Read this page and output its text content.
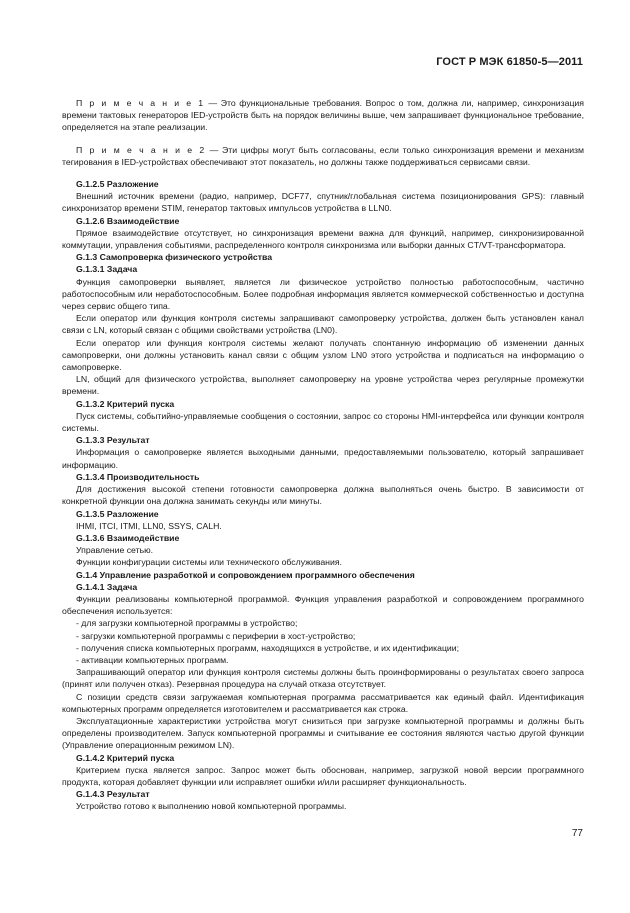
ГОСТ Р МЭК 61850-5—2011

П р и м е ч а н и е 1 — Это функциональные требования. Вопрос о том, должна ли, например, синхронизация времени тактовых генераторов IED-устройств быть на порядок величины выше, чем запрашивает функциональное требование, определяется на этапе реализации.

П р и м е ч а н и е 2 — Эти цифры могут быть согласованы, если только синхронизация времени и механизм тегирования в IED-устройствах обеспечивают этот показатель, но должны также поддерживаться сервисами связи.

G.1.2.5 Разложение

Внешний источник времени (радио, например, DCF77, спутник/глобальная система позиционирования GPS): главный синхронизатор времени STIM, генератор тактовых импульсов устройства в LLN0.

G.1.2.6 Взаимодействие

Прямое взаимодействие отсутствует, но синхронизация времени важна для функций, например, синхронизированной коммутации, управления событиями, распределенного контроля синхронизма или выборки данных CT/VT-трансформатора.

G.1.3 Самопроверка физического устройства
G.1.3.1 Задача

Функция самопроверки выявляет, является ли физическое устройство полностью работоспособным, частично работоспособным или неработоспособным. Более подробная информация является коммерческой собственностью и доступна через сервис общего типа.

Если оператор или функция контроля системы запрашивают самопроверку устройства, должен быть установлен канал связи с LN, который связан с общими свойствами устройства (LN0).

Если оператор или функция контроля системы желают получать спонтанную информацию об изменении данных самопроверки, они должны установить канал связи с общим узлом LN0 этого устройства и подписаться на информацию о самопроверке.

LN, общий для физического устройства, выполняет самопроверку на уровне устройства через регулярные промежутки времени.

G.1.3.2 Критерий пуска

Пуск системы, событийно-управляемые сообщения о состоянии, запрос со стороны HMI-интерфейса или функции контроля системы.

G.1.3.3 Результат

Информация о самопроверке является выходными данными, предоставляемыми пользователю, который запрашивает информацию.

G.1.3.4 Производительность

Для достижения высокой степени готовности самопроверка должна выполняться очень быстро. В зависимости от конкретной функции она должна занимать секунды или минуты.

G.1.3.5 Разложение

IHMI, ITCI, ITMI, LLN0, SSYS, CALH.

G.1.3.6 Взаимодействие

Управление сетью.

Функции конфигурации системы или технического обслуживания.

G.1.4 Управление разработкой и сопровождением программного обеспечения
G.1.4.1 Задача

Функции реализованы компьютерной программой. Функция управления разработкой и сопровождением программного обеспечения используется:

- для загрузки компьютерной программы в устройство;
- загрузки компьютерной программы с периферии в хост-устройство;
- получения списка компьютерных программ, находящихся в устройстве, и их идентификации;
- активации компьютерных программ.

Запрашивающий оператор или функция контроля системы должны быть проинформированы о результатах своего запроса (принят или получен отказ). Резервная процедура на случай отказа отсутствует.

С позиции средств связи загружаемая компьютерная программа рассматривается как единый файл. Идентификация компьютерных программ определяется изготовителем и рассматривается как строка.

Эксплуатационные характеристики устройства могут снизиться при загрузке компьютерной программы и должны быть определены производителем. Запуск компьютерной программы и считывание ее состояния являются частью другой функции (Управление операционным режимом LN).

G.1.4.2 Критерий пуска

Критерием пуска является запрос. Запрос может быть обоснован, например, загрузкой новой версии программного продукта, которая добавляет функции или исправляет ошибки и/или расширяет функциональность.

G.1.4.3 Результат

Устройство готово к выполнению новой компьютерной программы.

77
